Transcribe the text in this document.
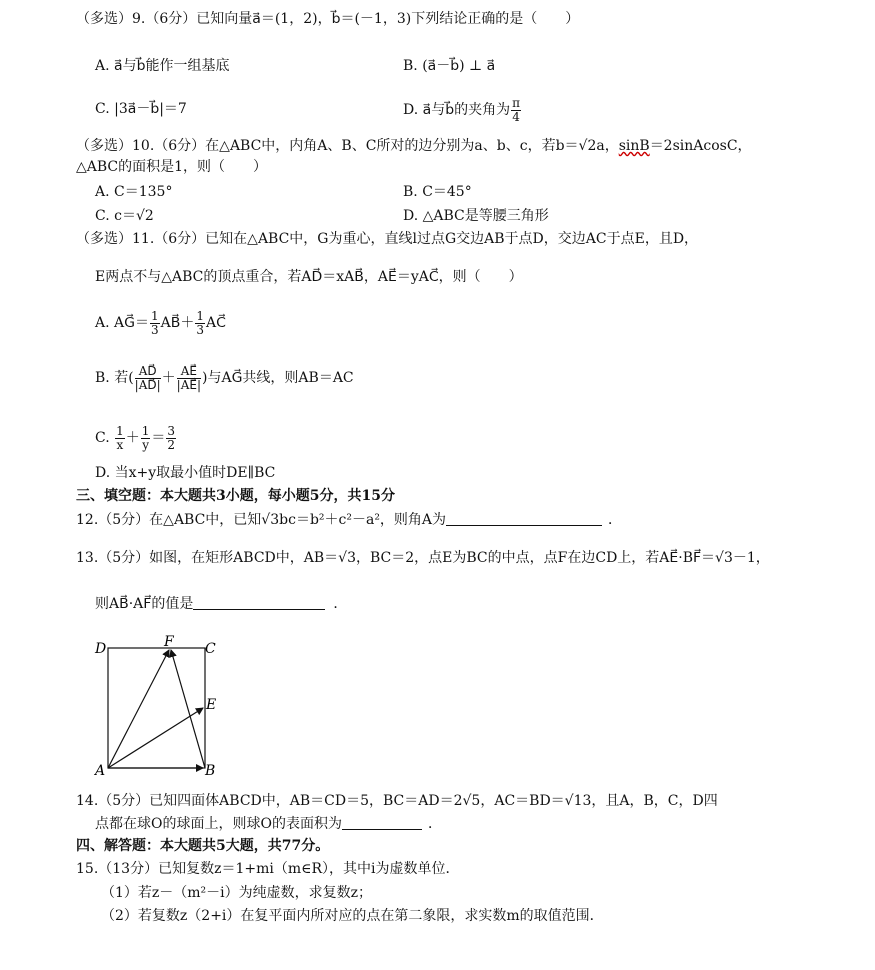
（多选）9.（6分）已知向量a⃗＝(1，2)，b⃗＝(－1，3)下列结论正确的是（　　）
A. a⃗与b⃗能作一组基底	B. (a⃗－b⃗) ⊥ a⃗
C. |3a⃗－b⃗|＝7	D. a⃗与b⃗的夹角为 $\frac{\pi}{4}$
（多选）10.（6分）在△ABC中，内角A、B、C所对的边分别为a、b、c，若b＝√2a，sinB＝2sinAcosC，
△ABC的面积是1，则（　　）
A. C＝135°	B. C＝45°
C. c＝√2	D. △ABC是等腰三角形
（多选）11.（6分）已知在△ABC中，G为重心，直线l过点G交边AB于点D，交边AC于点E，且D，
E两点不与△ABC的顶点重合，若AD⃗＝xAB⃗，AE⃗＝yAC⃗，则（　　）
A. AG⃗＝ $\frac{1}{3}$ AB⃗＋ $\frac{1}{3}$ AC⃗
B. 若( $\frac{AD⃗}{|AD⃗|} + \frac{AE⃗}{|AE⃗|}$ )与AG⃗共线，则AB＝AC
C. $\frac{1}{x} + \frac{1}{y} = \frac{3}{2}$
D. 当x+y取最小值时DE∥BC
三、填空题：本大题共3小题，每小题5分，共15分
12.（5分）在△ABC中，已知√3bc＝b²＋c²－a²，则角A为	．
13.（5分）如图，在矩形ABCD中，AB＝√3，BC＝2，点E为BC的中点，点F在边CD上，若AE⃗·BF⃗＝√3－1，
则AB⃗·AF⃗的值是	．
D	F C
E
A	B
14.（5分）已知四面体ABCD中，AB＝CD＝5，BC＝AD＝2√5，AC＝BD＝√13，且A，B，C，D四
点都在球O的球面上，则球O的表面积为	．
四、解答题：本大题共5大题，共77分。
15.（13分）已知复数z＝1+mi（m∈R），其中i为虚数单位．
（1）若z－（m²－i）为纯虚数，求复数z；
（2）若复数z（2+i）在复平面内所对应的点在第二象限，求实数m的取值范围．
